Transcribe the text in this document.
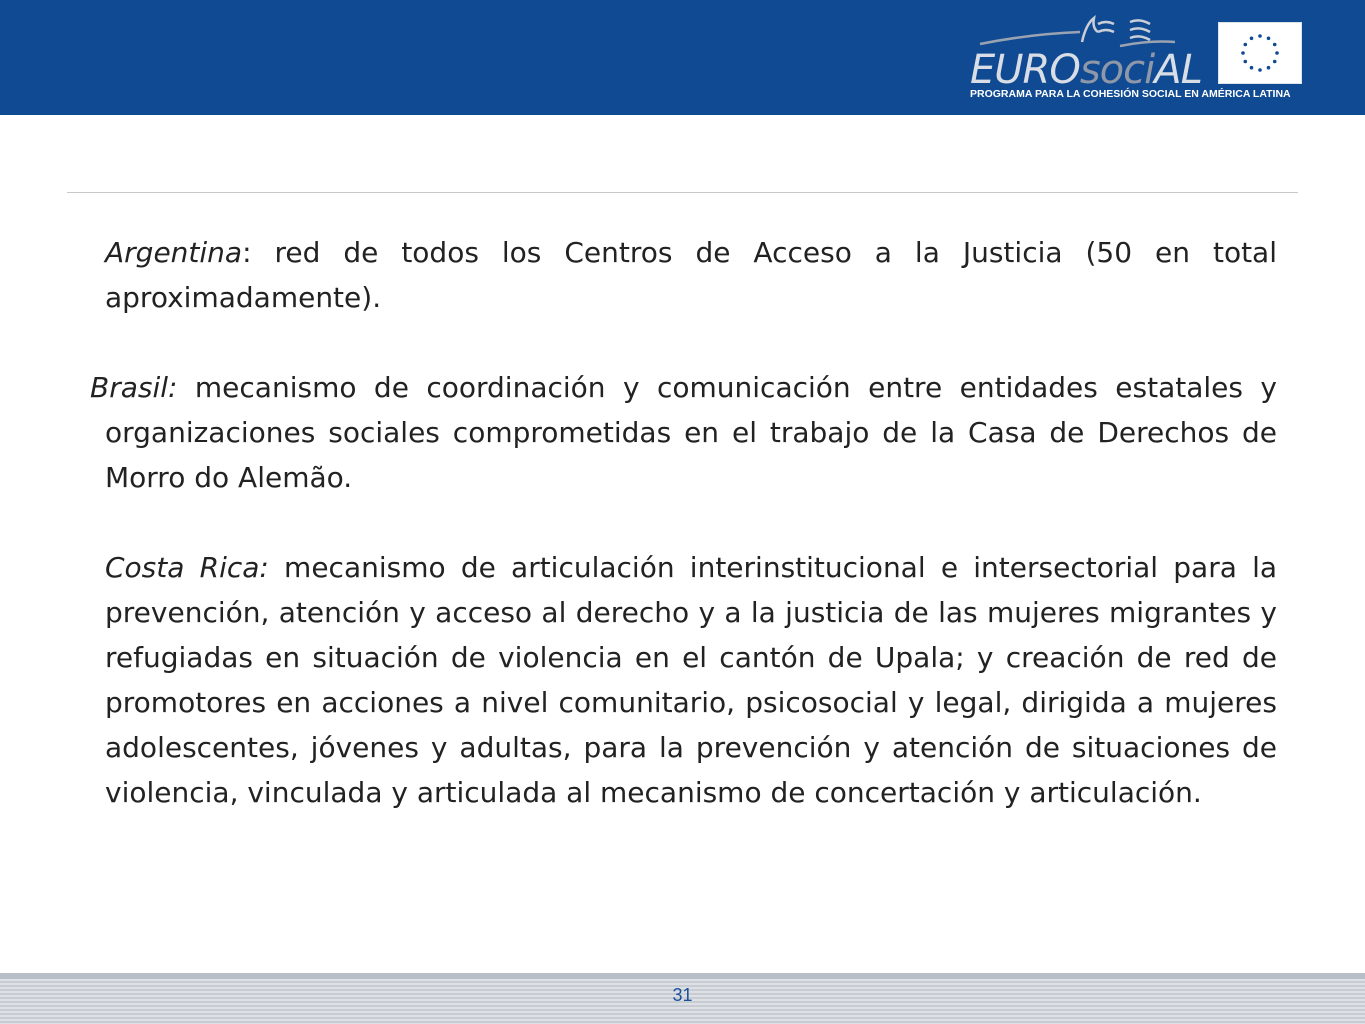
EUROsociAL
PROGRAMA PARA LA COHESIÓN SOCIAL EN AMÉRICA LATINA

Argentina: red de todos los Centros de Acceso a la Justicia (50 en total aproximadamente).

Brasil: mecanismo de coordinación y comunicación entre entidades estatales y organizaciones sociales comprometidas en el trabajo de la Casa de Derechos de Morro do Alemão.

Costa Rica: mecanismo de articulación interinstitucional e intersectorial para la prevención, atención y acceso al derecho y a la justicia de las mujeres migrantes y refugiadas en situación de violencia en el cantón de Upala; y creación de red de promotores en acciones a nivel comunitario, psicosocial y legal, dirigida a mujeres adolescentes, jóvenes y adultas, para la prevención y atención de situaciones de violencia, vinculada y articulada al mecanismo de concertación y articulación.

31
